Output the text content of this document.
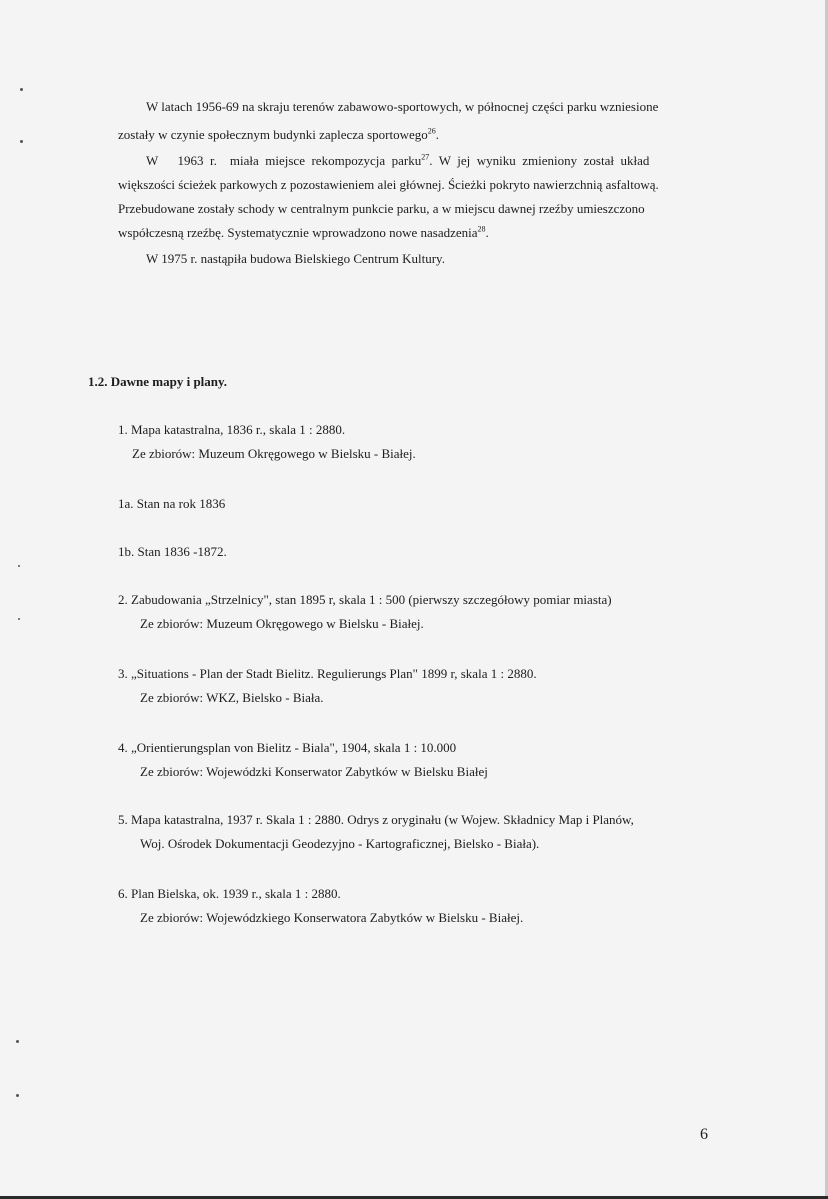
W latach 1956-69 na skraju terenów zabawowo-sportowych, w północnej części parku wzniesione
zostały w czynie społecznym budynki zaplecza sportowego$^{26}$.
W      1963  r.    miała  miejsce  rekompozycja  parku$^{27}$.  W  jej  wyniku  zmieniony  został  układ
większości ścieżek parkowych z pozostawieniem alei głównej. Ścieżki pokryto nawierzchnią asfaltową.
Przebudowane zostały schody w centralnym punkcie parku, a w miejscu dawnej rzeźby umieszczono
współczesną rzeźbę. Systematycznie wprowadzono nowe nasadzenia$^{28}$.
W 1975 r. nastąpiła budowa Bielskiego Centrum Kultury.
1.2. Dawne mapy i plany.
1. Mapa katastralna, 1836 r., skala 1 : 2880.
Ze zbiorów: Muzeum Okręgowego w Bielsku - Białej.
1a. Stan na rok 1836
1b. Stan 1836 -1872.
2. Zabudowania „Strzelnicy", stan 1895 r, skala 1 : 500 (pierwszy szczegółowy pomiar miasta)
Ze zbiorów: Muzeum Okręgowego w Bielsku - Białej.
3. „Situations - Plan der Stadt Bielitz. Regulierungs Plan" 1899 r, skala 1 : 2880.
Ze zbiorów: WKZ, Bielsko - Biała.
4. „Orientierungsplan von Bielitz - Biala", 1904, skala 1 : 10.000
Ze zbiorów: Wojewódzki Konserwator Zabytków w Bielsku Białej
5. Mapa katastralna, 1937 r. Skala 1 : 2880. Odrys z oryginału (w Wojew. Składnicy Map i Planów,
Woj. Ośrodek Dokumentacji Geodezyjno - Kartograficznej, Bielsko - Biała).
6. Plan Bielska, ok. 1939 r., skala 1 : 2880.
Ze zbiorów: Wojewódzkiego Konserwatora Zabytków w Bielsku - Białej.
6
